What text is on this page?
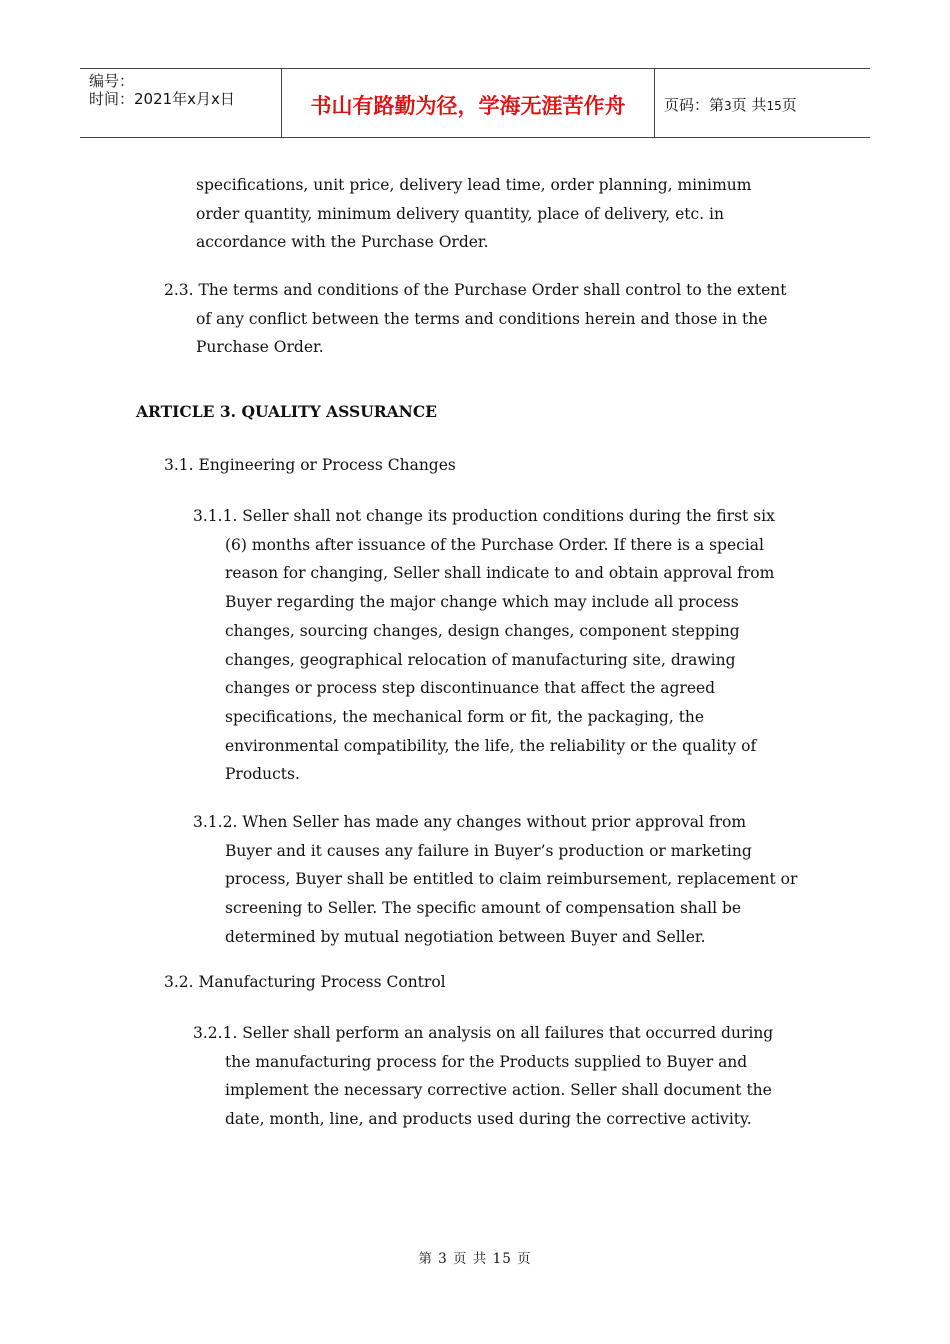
编号：
时间：2021年x月x日	书山有路勤为径，学海无涯苦作舟	页码：第3页 共15页
specifications, unit price, delivery lead time, order planning, minimum
order quantity, minimum delivery quantity, place of delivery, etc. in
accordance with the Purchase Order.
2.3. The terms and conditions of the Purchase Order shall control to the extent
of any conflict between the terms and conditions herein and those in the
Purchase Order.
ARTICLE 3. QUALITY ASSURANCE
3.1. Engineering or Process Changes
3.1.1. Seller shall not change its production conditions during the first six
(6) months after issuance of the Purchase Order. If there is a special
reason for changing, Seller shall indicate to and obtain approval from
Buyer regarding the major change which may include all process
changes, sourcing changes, design changes, component stepping
changes, geographical relocation of manufacturing site, drawing
changes or process step discontinuance that affect the agreed
specifications, the mechanical form or fit, the packaging, the
environmental compatibility, the life, the reliability or the quality of
Products.
3.1.2. When Seller has made any changes without prior approval from
Buyer and it causes any failure in Buyer’s production or marketing
process, Buyer shall be entitled to claim reimbursement, replacement or
screening to Seller. The specific amount of compensation shall be
determined by mutual negotiation between Buyer and Seller.
3.2. Manufacturing Process Control
3.2.1. Seller shall perform an analysis on all failures that occurred during
the manufacturing process for the Products supplied to Buyer and
implement the necessary corrective action. Seller shall document the
date, month, line, and products used during the corrective activity.
第 3 页 共 15 页
